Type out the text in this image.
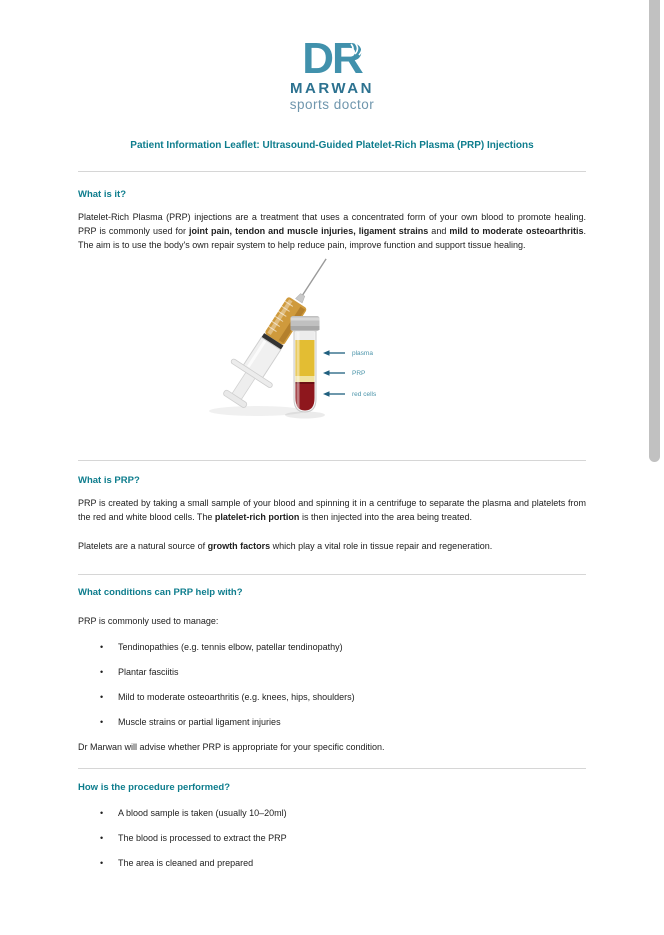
DR
MARWAN
sports doctor
Patient Information Leaflet: Ultrasound-Guided Platelet-Rich Plasma (PRP) Injections
What is it?

Platelet-Rich Plasma (PRP) injections are a treatment that uses a concentrated form of your own blood to promote healing. PRP is commonly used for joint pain, tendon and muscle injuries, ligament strains and mild to moderate osteoarthritis. The aim is to use the body's own repair system to help reduce pain, improve function and support tissue healing.

plasma
PRP
red cells
What is PRP?

PRP is created by taking a small sample of your blood and spinning it in a centrifuge to separate the plasma and platelets from the red and white blood cells. The platelet-rich portion is then injected into the area being treated.

Platelets are a natural source of growth factors which play a vital role in tissue repair and regeneration.

What conditions can PRP help with?

PRP is commonly used to manage:

•	Tendinopathies (e.g. tennis elbow, patellar tendinopathy)
•	Plantar fasciitis
•	Mild to moderate osteoarthritis (e.g. knees, hips, shoulders)
•	Muscle strains or partial ligament injuries

Dr Marwan will advise whether PRP is appropriate for your specific condition.

How is the procedure performed?
•	A blood sample is taken (usually 10–20ml)
•	The blood is processed to extract the PRP
•	The area is cleaned and prepared
